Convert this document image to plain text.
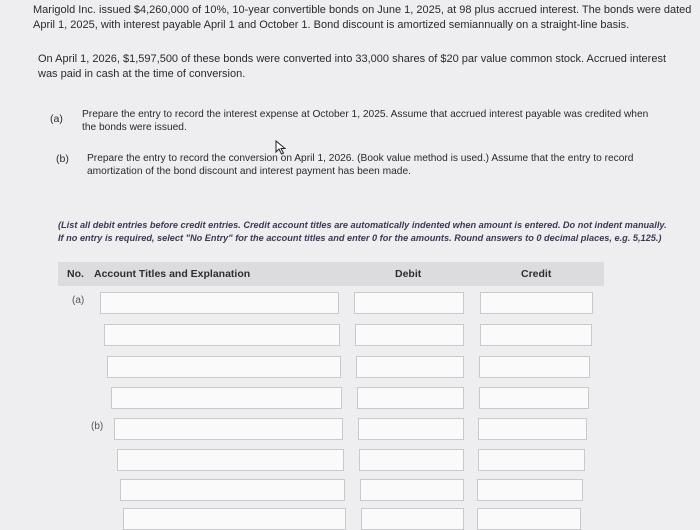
Marigold Inc. issued $4,260,000 of 10%, 10-year convertible bonds on June 1, 2025, at 98 plus accrued interest. The bonds were dated April 1, 2025, with interest payable April 1 and October 1. Bond discount is amortized semiannually on a straight-line basis.
On April 1, 2026, $1,597,500 of these bonds were converted into 33,000 shares of $20 par value common stock. Accrued interest was paid in cash at the time of conversion.
(a) Prepare the entry to record the interest expense at October 1, 2025. Assume that accrued interest payable was credited when the bonds were issued.
(b) Prepare the entry to record the conversion on April 1, 2026. (Book value method is used.) Assume that the entry to record amortization of the bond discount and interest payment has been made.
(List all debit entries before credit entries. Credit account titles are automatically indented when amount is entered. Do not indent manually. If no entry is required, select "No Entry" for the account titles and enter 0 for the amounts. Round answers to 0 decimal places, e.g. 5,125.)
No. Account Titles and Explanation	Debit	Credit
(a)
(b)
